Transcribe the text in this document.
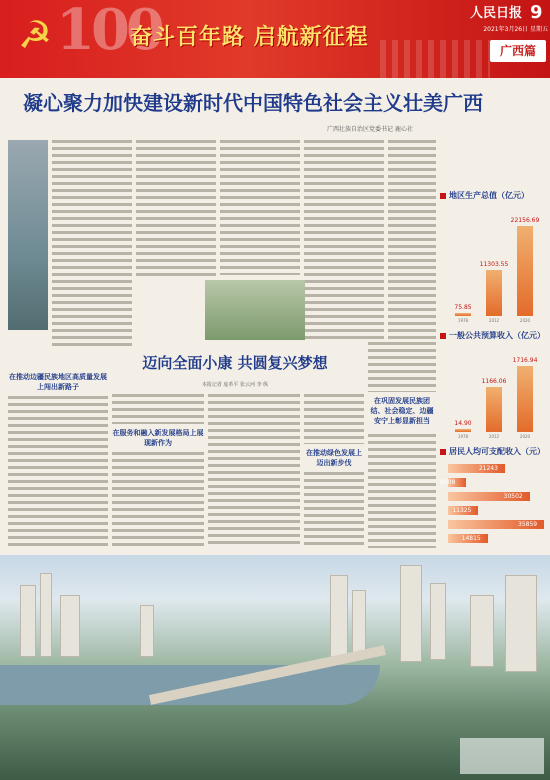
☭ 100
奋斗百年路 启航新征程
人民日报 9
2021年3月26日 星期五
广西篇
凝心聚力加快建设新时代中国特色社会主义壮美广西
广西壮族自治区党委书记 鹿心社
地区生产总值（亿元）
75.85
1978
11303.55
2012
22156.69
2020
一般公共预算收入（亿元）
14.90
1978
1166.06
2012
1716.94
2020
居民人均可支配收入（元）
21243
6008
30502
11325
35859
14815
在推动边疆民族地区高质量发展上闯出新路子
迈向全面小康 共圆复兴梦想
本报记者 庞革平 张云河 李 纵
在服务和融入新发展格局上展现新作为
在推动绿色发展上迈出新步伐
在巩固发展民族团结、社会稳定、边疆安宁上彰显新担当
